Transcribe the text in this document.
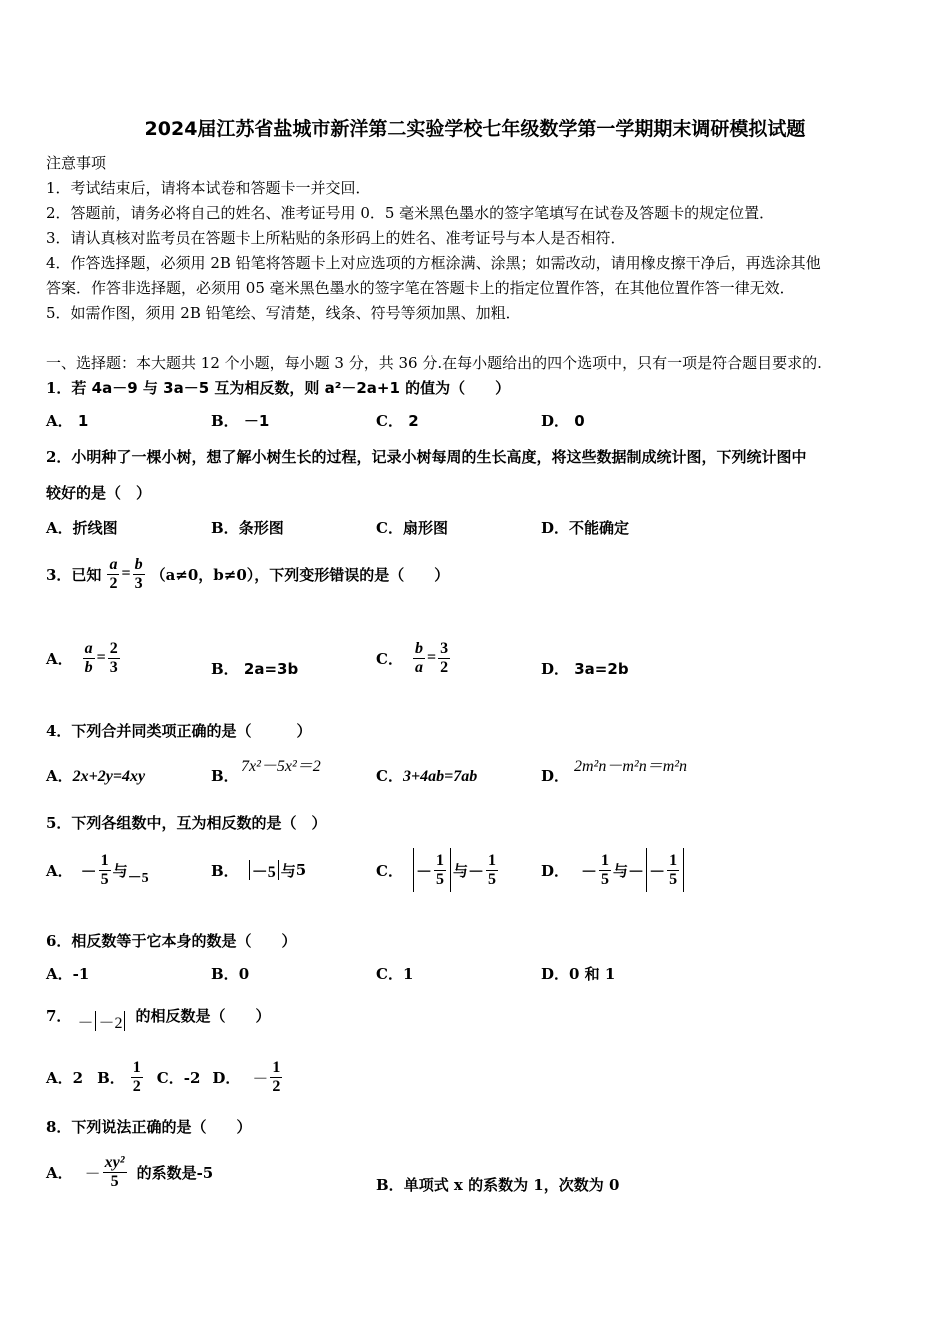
2024届江苏省盐城市新洋第二实验学校七年级数学第一学期期末调研模拟试题
注意事项
1．考试结束后，请将本试卷和答题卡一并交回．
2．答题前，请务必将自己的姓名、准考证号用 0．5 毫米黑色墨水的签字笔填写在试卷及答题卡的规定位置．
3．请认真核对监考员在答题卡上所粘贴的条形码上的姓名、准考证号与本人是否相符．
4．作答选择题，必须用 2B 铅笔将答题卡上对应选项的方框涂满、涂黑；如需改动，请用橡皮擦干净后，再选涂其他
答案．作答非选择题，必须用 05 毫米黑色墨水的签字笔在答题卡上的指定位置作答，在其他位置作答一律无效．
5．如需作图，须用 2B 铅笔绘、写清楚，线条、符号等须加黑、加粗．
一、选择题：本大题共 12 个小题，每小题 3 分，共 36 分.在每小题给出的四个选项中，只有一项是符合题目要求的.
1．若 4a－9 与 3a－5 互为相反数，则 a²－2a+1 的值为（　　）
A． 1	B． －1	C． 2	D． 0
2．小明种了一棵小树，想了解小树生长的过程，记录小树每周的生长高度，将这些数据制成统计图，下列统计图中
较好的是（　）
A．折线图	B．条形图	C．扇形图	D．不能确定
3．已知 $\frac{a}{2} = \frac{b}{3} (a\ne 0$，b≠0），下列变形错误的是（　　）
A． $\frac{a}{b} = \frac{2}{3}$	B． 2a=3b
C． $\frac{b}{a} = \frac{3}{2}$	D． 3a=2b
4．下列合并同类项正确的是（　　　）
A．2x+2y=4xy	B．
7x²－5x²＝2
C．3+4ab=7ab	D．
2m²n－m²n＝m²n
5．下列各组数中，互为相反数的是（　）
A． － $\frac{1}{5}$ 与 －5	B． －5 与 5	C． － $\frac{1}{5}$ 与 － $\frac{1}{5}$	D． － $\frac{1}{5}$ 与 － － $\frac{1}{5}$
6．相反数等于它本身的数是（　　）
A．-1	B．0	C．1	D．0 和 1
7． － －2 的相反数是（　　）
A．2 B． $\frac{1}{2}$ C．-2 D． － $\frac{1}{2}$
8．下列说法正确的是（　　）
A． － $\frac{\text{xy²}}{5}$ 的系数是-5
B．单项式 x 的系数为 1，次数为 0
